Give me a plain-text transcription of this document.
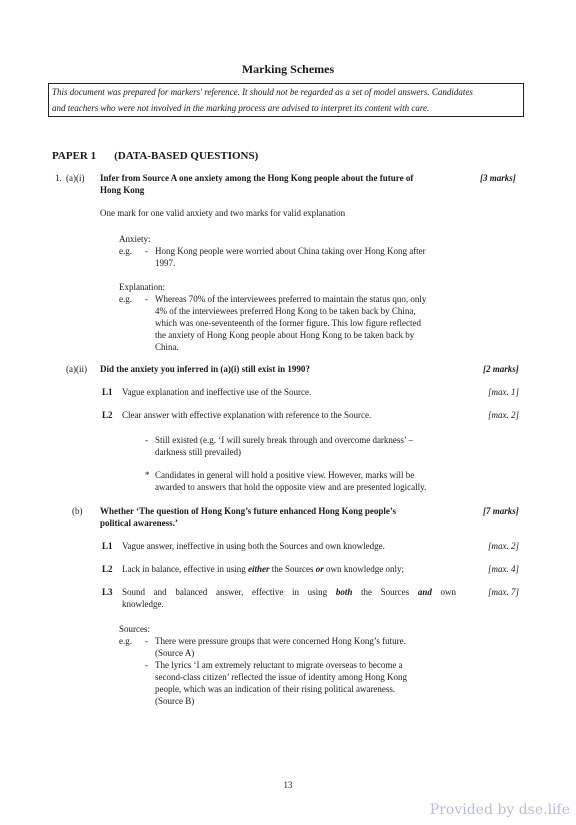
Marking Schemes
This document was prepared for markers' reference. It should not be regarded as a set of model answers. Candidates
and teachers who were not involved in the marking process are advised to interpret its content with care.
PAPER 1 (DATA-BASED QUESTIONS)
1. (a)(i) Infer from Source A one anxiety among the Hong Kong people about the future of
Hong Kong
[3 marks]
One mark for one valid anxiety and two marks for valid explanation
Anxiety:
e.g. - Hong Kong people were worried about China taking over Hong Kong after
1997.
Explanation:
e.g. - Whereas 70% of the interviewees preferred to maintain the status quo, only
4% of the interviewees preferred Hong Kong to be taken back by China,
which was one-seventeenth of the former figure. This low figure reflected
the anxiety of Hong Kong people about Hong Kong to be taken back by
China.
(a)(ii) Did the anxiety you inferred in (a)(i) still exist in 1990?	[2 marks]
L1 Vague explanation and ineffective use of the Source.	[max. 1]
L2 Clear answer with effective explanation with reference to the Source.	[max. 2]
- Still existed (e.g. ‘I will surely break through and overcome darkness’ –
darkness still prevailed)
* Candidates in general will hold a positive view. However, marks will be
awarded to answers that hold the opposite view and are presented logically.
(b) Whether ‘The question of Hong Kong’s future enhanced Hong Kong people’s
political awareness.’
[7 marks]
L1 Vague answer, ineffective in using both the Sources and own knowledge.	[max. 2]
L2 Lack in balance, effective in using either the Sources or own knowledge only;	[max. 4]
L3 Sound and balanced answer, effective in using both the Sources and own
knowledge.
[max. 7]
Sources:
e.g. - There were pressure groups that were concerned Hong Kong’s future.
(Source A)
- The lyrics ‘I am extremely reluctant to migrate overseas to become a
second-class citizen’ reflected the issue of identity among Hong Kong
people, which was an indication of their rising political awareness.
(Source B)
13
Provided by dse.life
